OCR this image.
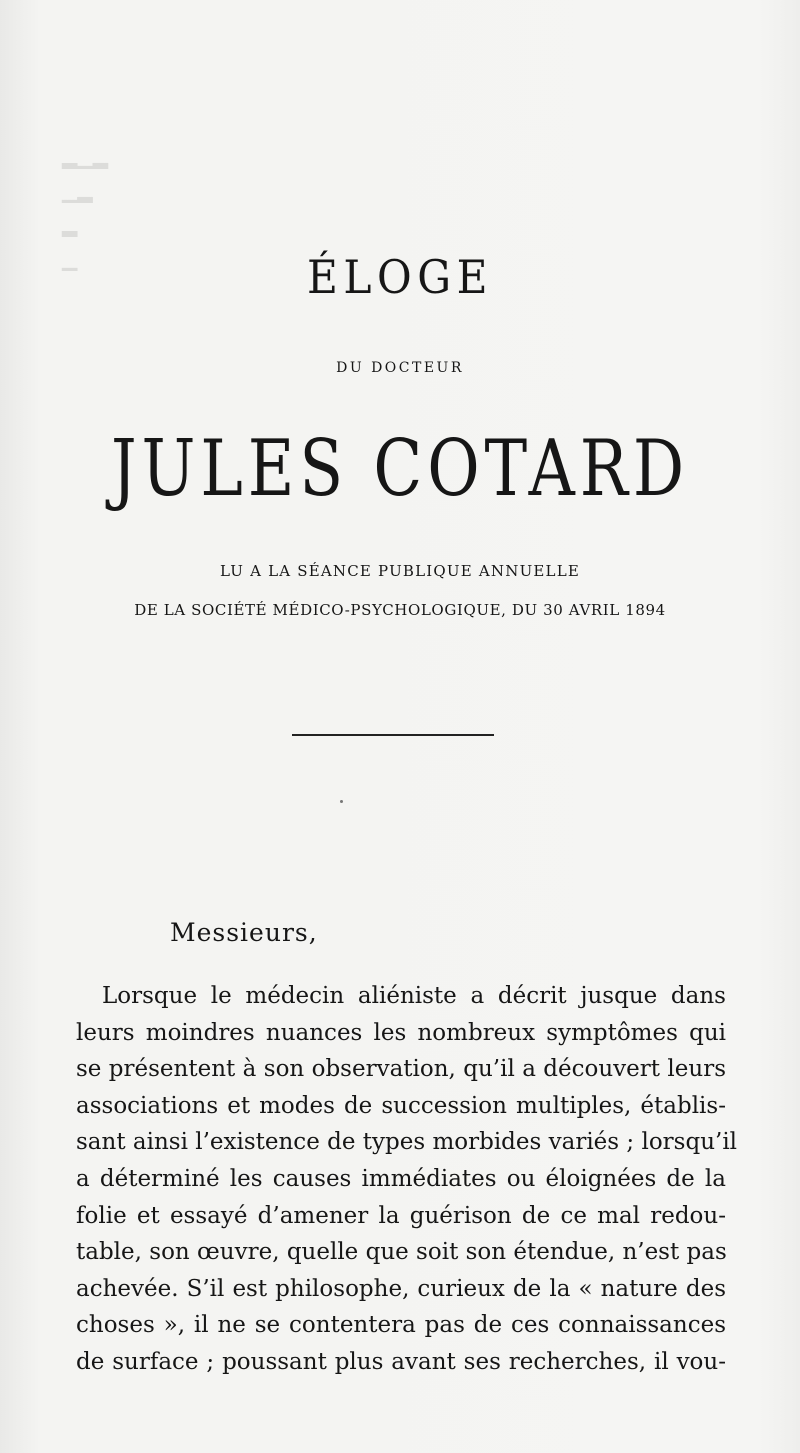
▂▁▂
▁▂
▂
▁	ÉLOGE
DU DOCTEUR
JULES COTARD
LU A LA SÉANCE PUBLIQUE ANNUELLE
DE LA SOCIÉTÉ MÉDICO-PSYCHOLOGIQUE, DU 30 AVRIL 1894
Messieurs,
Lorsque le médecin aliéniste a décrit jusque dans
leurs moindres nuances les nombreux symptômes qui
se présentent à son observation, qu’il a découvert leurs
associations et modes de succession multiples, établis-
sant ainsi l’existence de types morbides variés ; lorsqu’il
a déterminé les causes immédiates ou éloignées de la
folie et essayé d’amener la guérison de ce mal redou-
table, son œuvre, quelle que soit son étendue, n’est pas
achevée. S’il est philosophe, curieux de la « nature des
choses », il ne se contentera pas de ces connaissances
de surface ; poussant plus avant ses recherches, il vou-
